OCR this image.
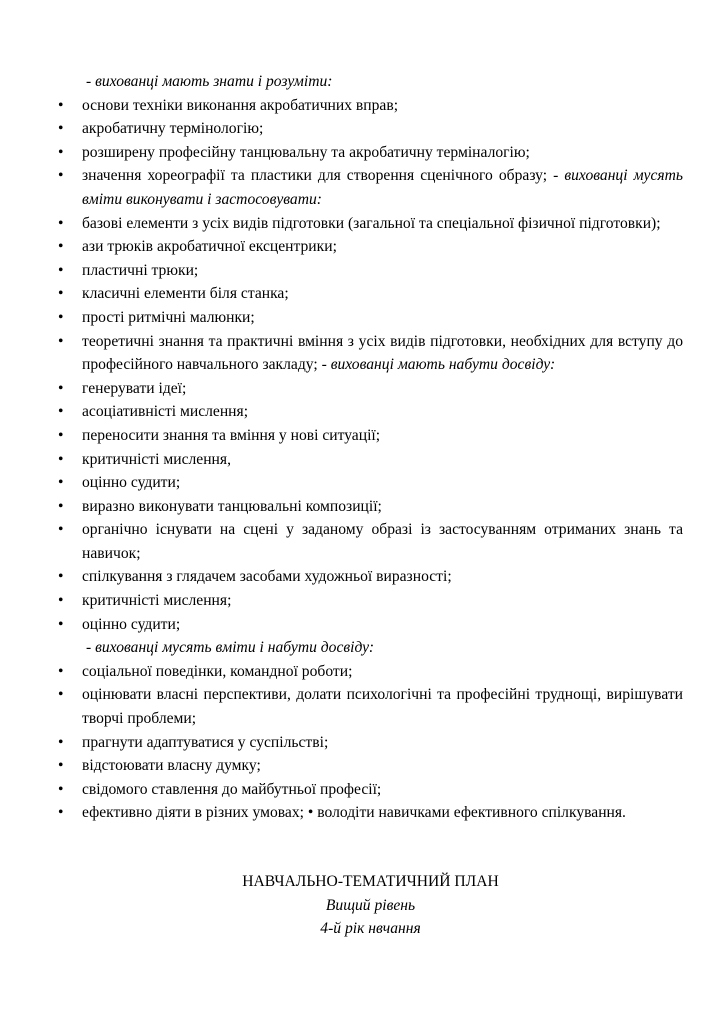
- вихованці мають знати і розуміти:
• основи техніки виконання акробатичних вправ;
• акробатичну термінологію;
• розширену професійну танцювальну та акробатичну терміналогію;
• значення хореографії та пластики для створення сценічного образу; - вихованці мусять вміти виконувати і застосовувати:
• базові елементи з усіх видів підготовки (загальної та спеціальної фізичної підготовки);
• ази трюків акробатичної ексцентрики;
• пластичні трюки;
• класичні елементи біля станка;
• прості ритмічні малюнки;
• теоретичні знання та практичні вміння з усіх видів підготовки, необхідних для вступу до професійного навчального закладу; - вихованці мають набути досвіду:
• генерувати ідеї;
• асоціативністі мислення;
• переносити знання та вміння у нові ситуації;
• критичністі мислення,
• оцінно судити;
• виразно виконувати танцювальні композиції;
• органічно існувати на сцені у заданому образі із застосуванням отриманих знань та навичок;
• спілкування з глядачем засобами художньої виразності;
• критичністі мислення;
• оцінно судити;
- вихованці мусять вміти і набути досвіду:
• соціальної поведінки, командної роботи;
• оцінювати власні перспективи, долати психологічні та професійні труднощі, вирішувати творчі проблеми;
• прагнути адаптуватися у суспільстві;
• відстоювати власну думку;
• свідомого ставлення до майбутньої професії;
• ефективно діяти в різних умовах; • володіти навичками ефективного спілкування.
НАВЧАЛЬНО-ТЕМАТИЧНИЙ ПЛАН
Вищий рівень
4-й рік нвчання
